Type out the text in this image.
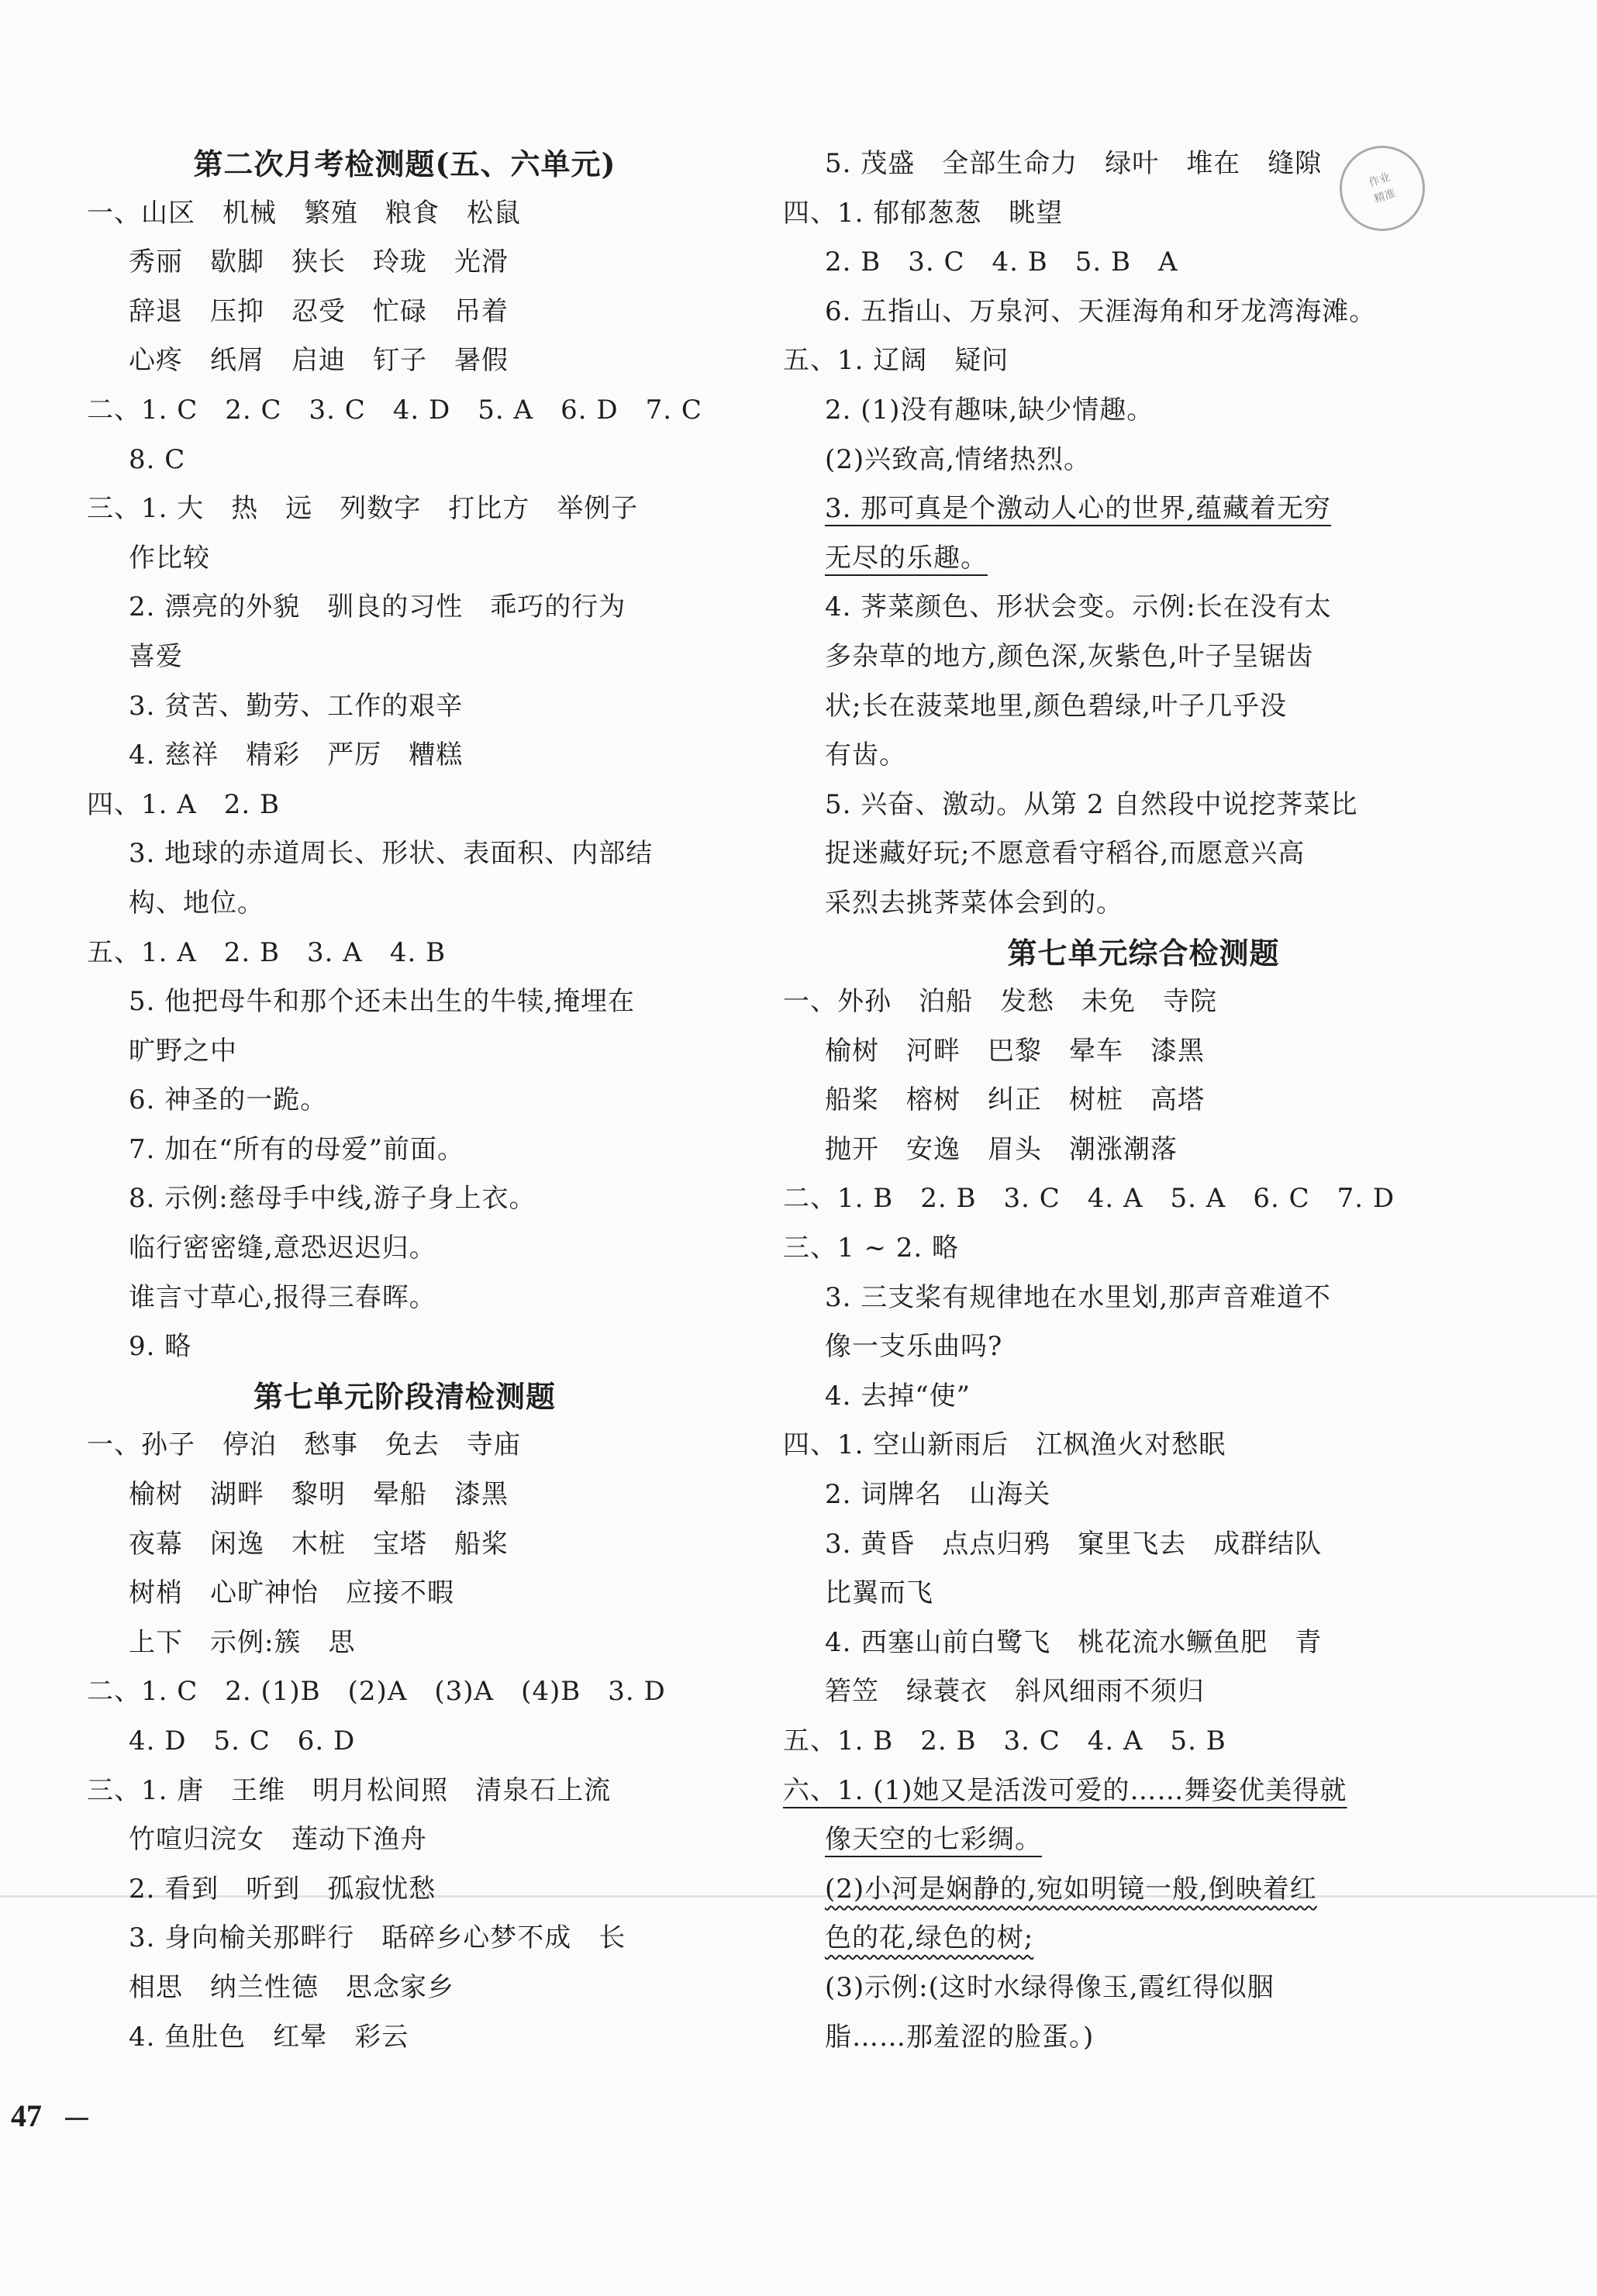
第二次月考检测题(五、六单元)
一、山区　机械　繁殖　粮食　松鼠
秀丽　歇脚　狭长　玲珑　光滑
辞退　压抑　忍受　忙碌　吊着
心疼　纸屑　启迪　钉子　暑假
二、1. C　2. C　3. C　4. D　5. A　6. D　7. C
8. C
三、1. 大　热　远　列数字　打比方　举例子
作比较
2. 漂亮的外貌　驯良的习性　乖巧的行为
喜爱
3. 贫苦、勤劳、工作的艰辛
4. 慈祥　精彩　严厉　糟糕
四、1. A　2. B
3. 地球的赤道周长、形状、表面积、内部结
构、地位。
五、1. A　2. B　3. A　4. B
5. 他把母牛和那个还未出生的牛犊,掩埋在
旷野之中
6. 神圣的一跪。
7. 加在“所有的母爱”前面。
8. 示例:慈母手中线,游子身上衣。
临行密密缝,意恐迟迟归。
谁言寸草心,报得三春晖。
9. 略
第七单元阶段清检测题
一、孙子　停泊　愁事　免去　寺庙
榆树　湖畔　黎明　晕船　漆黑
夜幕　闲逸　木桩　宝塔　船桨
树梢　心旷神怡　应接不暇
上下　示例:簇　思
二、1. C　2. (1)B　(2)A　(3)A　(4)B　3. D
4. D　5. C　6. D
三、1. 唐　王维　明月松间照　清泉石上流
竹喧归浣女　莲动下渔舟
2. 看到　听到　孤寂忧愁
3. 身向榆关那畔行　聒碎乡心梦不成　长
相思　纳兰性德　思念家乡
4. 鱼肚色　红晕　彩云
5. 茂盛　全部生命力　绿叶　堆在　缝隙
四、1. 郁郁葱葱　眺望
2. B　3. C　4. B　5. B　A
6. 五指山、万泉河、天涯海角和牙龙湾海滩。
五、1. 辽阔　疑问
2. (1)没有趣味,缺少情趣。
(2)兴致高,情绪热烈。
3. 那可真是个激动人心的世界,蕴藏着无穷
无尽的乐趣。
4. 荠菜颜色、形状会变。示例:长在没有太
多杂草的地方,颜色深,灰紫色,叶子呈锯齿
状;长在菠菜地里,颜色碧绿,叶子几乎没
有齿。
5. 兴奋、激动。从第 2 自然段中说挖荠菜比
捉迷藏好玩;不愿意看守稻谷,而愿意兴高
采烈去挑荠菜体会到的。
第七单元综合检测题
一、外孙　泊船　发愁　未免　寺院
榆树　河畔　巴黎　晕车　漆黑
船桨　榕树　纠正　树桩　高塔
抛开　安逸　眉头　潮涨潮落
二、1. B　2. B　3. C　4. A　5. A　6. C　7. D
三、1 ~ 2. 略
3. 三支桨有规律地在水里划,那声音难道不
像一支乐曲吗?
4. 去掉“使”
四、1. 空山新雨后　江枫渔火对愁眠
2. 词牌名　山海关
3. 黄昏　点点归鸦　窠里飞去　成群结队
比翼而飞
4. 西塞山前白鹭飞　桃花流水鳜鱼肥　青
箬笠　绿蓑衣　斜风细雨不须归
五、1. B　2. B　3. C　4. A　5. B
六、1. (1)她又是活泼可爱的……舞姿优美得就
像天空的七彩绸。
(2)小河是娴静的,宛如明镜一般,倒映着红
色的花,绿色的树;
(3)示例:(这时水绿得像玉,霞红得似胭
脂……那羞涩的脸蛋。)
作业
精准
47
